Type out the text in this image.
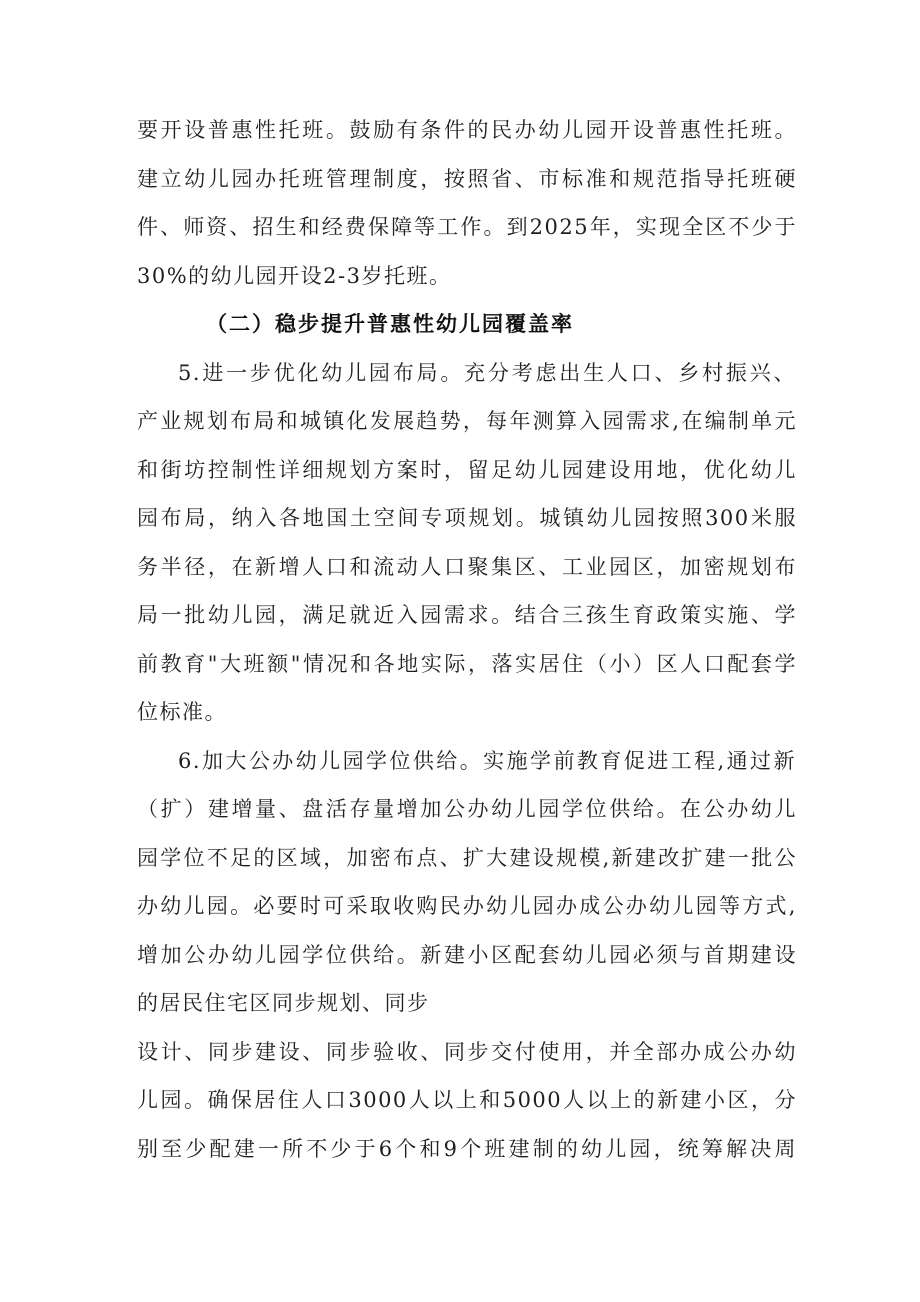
要开设普惠性托班。鼓励有条件的民办幼儿园开设普惠性托班。
建立幼儿园办托班管理制度，按照省、市标准和规范指导托班硬
件、师资、招生和经费保障等工作。到2025年，实现全区不少于
30%的幼儿园开设2-3岁托班。
（二）稳步提升普惠性幼儿园覆盖率
5.进一步优化幼儿园布局。充分考虑出生人口、乡村振兴、
产业规划布局和城镇化发展趋势，每年测算入园需求,在编制单元
和街坊控制性详细规划方案时，留足幼儿园建设用地，优化幼儿
园布局，纳入各地国土空间专项规划。城镇幼儿园按照300米服
务半径，在新增人口和流动人口聚集区、工业园区，加密规划布
局一批幼儿园，满足就近入园需求。结合三孩生育政策实施、学
前教育"大班额"情况和各地实际，落实居住（小）区人口配套学
位标准。
6.加大公办幼儿园学位供给。实施学前教育促进工程,通过新
（扩）建增量、盘活存量增加公办幼儿园学位供给。在公办幼儿
园学位不足的区域，加密布点、扩大建设规模,新建改扩建一批公
办幼儿园。必要时可采取收购民办幼儿园办成公办幼儿园等方式,
增加公办幼儿园学位供给。新建小区配套幼儿园必须与首期建设
的居民住宅区同步规划、同步
设计、同步建设、同步验收、同步交付使用，并全部办成公办幼
儿园。确保居住人口3000人以上和5000人以上的新建小区，分
别至少配建一所不少于6个和9个班建制的幼儿园，统筹解决周
